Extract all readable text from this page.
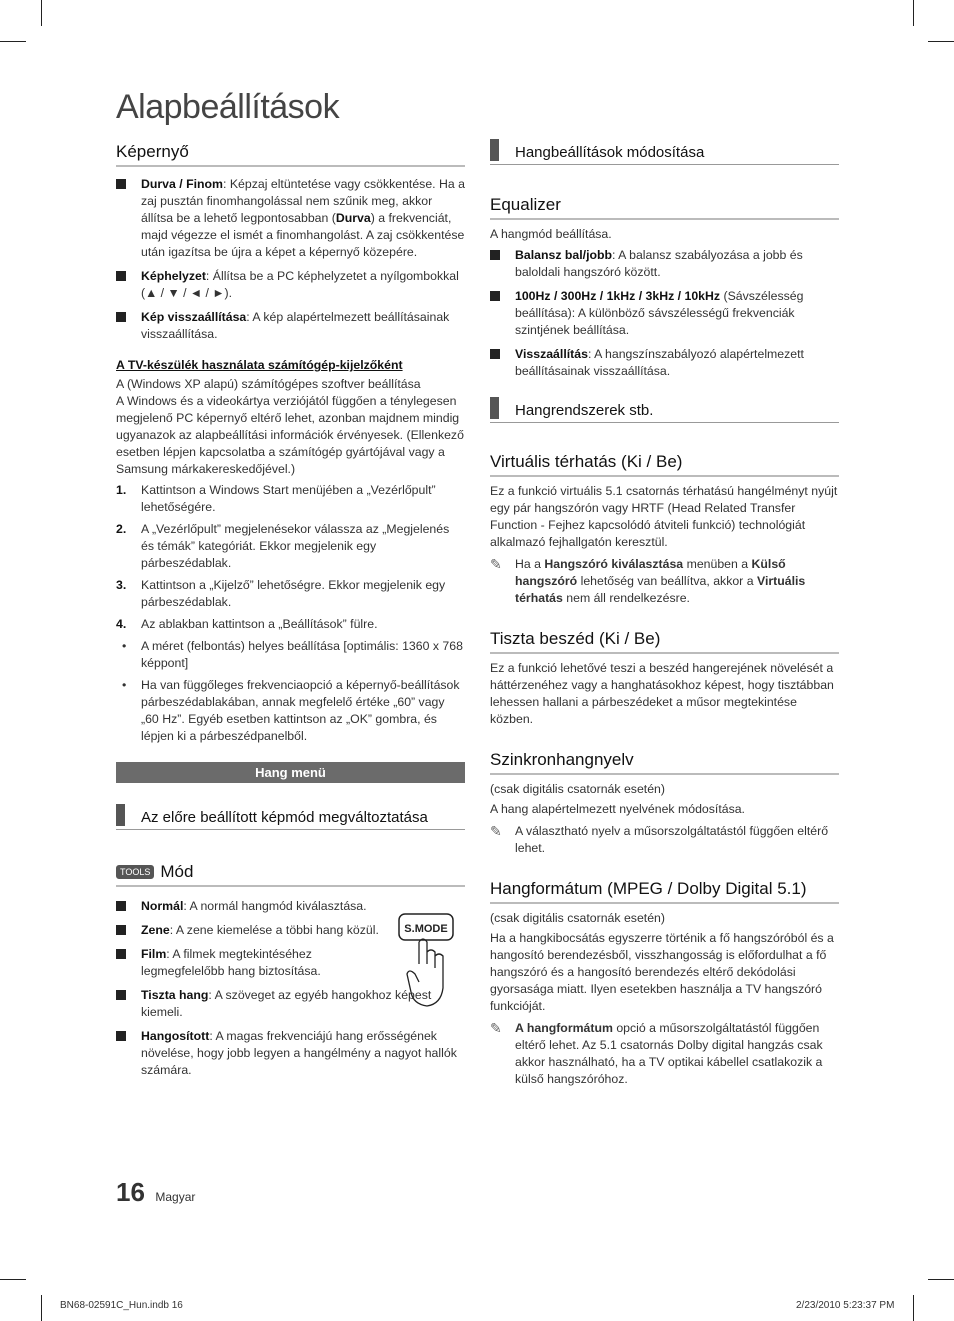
Alapbeállítások
Képernyő
Durva / Finom: Képzaj eltüntetése vagy csökkentése. Ha a zaj pusztán finomhangolással nem szűnik meg, akkor állítsa be a lehető legpontosabban (Durva) a frekvenciát, majd végezze el ismét a finomhangolást. A zaj csökkentése után igazítsa be újra a képet a képernyő közepére.
Képhelyzet: Állítsa be a PC képhelyzetet a nyílgombokkal (▲ / ▼ / ◄ / ►).
Kép visszaállítása: A kép alapértelmezett beállításainak visszaállítása.
A TV-készülék használata számítógép-kijelzőként
A (Windows XP alapú) számítógépes szoftver beállítása
A Windows és a videokártya verziójától függően a ténylegesen megjelenő PC képernyő eltérő lehet, azonban majdnem mindig ugyanazok az alapbeállítási információk érvényesek. (Ellenkező esetben lépjen kapcsolatba a számítógép gyártójával vagy a Samsung márkakereskedőjével.)
1. Kattintson a Windows Start menüjében a „Vezérlőpult” lehetőségére.
2. A „Vezérlőpult” megjelenésekor válassza az „Megjelenés és témák” kategóriát. Ekkor megjelenik egy párbeszédablak.
3. Kattintson a „Kijelző” lehetőségre. Ekkor megjelenik egy párbeszédablak.
4. Az ablakban kattintson a „Beállítások” fülre.
• A méret (felbontás) helyes beállítása [optimális: 1360 x 768 képpont]
• Ha van függőleges frekvenciaopció a képernyő-beállítások párbeszédablakában, annak megfelelő értéke „60” vagy „60 Hz”. Egyéb esetben kattintson az „OK” gombra, és lépjen ki a párbeszédpanelből.
Hang menü
Az előre beállított képmód megváltoztatása
TOOLS Mód
S.MODE
Normál: A normál hangmód kiválasztása.
Zene: A zene kiemelése a többi hang közül.
Film: A filmek megtekintéséhez legmegfelelőbb hang biztosítása.
Tiszta hang: A szöveget az egyéb hangokhoz képest kiemeli.
Hangosított: A magas frekvenciájú hang erősségének növelése, hogy jobb legyen a hangélmény a nagyot hallók számára.
Hangbeállítások módosítása
Equalizer
A hangmód beállítása.
Balansz bal/jobb: A balansz szabályozása a jobb és baloldali hangszóró között.
100Hz / 300Hz / 1kHz / 3kHz / 10kHz (Sávszélesség beállítása): A különböző sávszélességű frekvenciák szintjének beállítása.
Visszaállítás: A hangszínszabályozó alapértelmezett beállításainak visszaállítása.
Hangrendszerek stb.
Virtuális térhatás (Ki / Be)
Ez a funkció virtuális 5.1 csatornás térhatású hangélményt nyújt egy pár hangszórón vagy HRTF (Head Related Transfer Function - Fejhez kapcsolódó átviteli funkció) technológiát alkalmazó fejhallgatón keresztül.
✎ Ha a Hangszóró kiválasztása menüben a Külső hangszóró lehetőség van beállítva, akkor a Virtuális térhatás nem áll rendelkezésre.
Tiszta beszéd (Ki / Be)
Ez a funkció lehetővé teszi a beszéd hangerejének növelését a háttérzenéhez vagy a hanghatásokhoz képest, hogy tisztábban lehessen hallani a párbeszédeket a műsor megtekintése közben.
Szinkronhangnyelv
(csak digitális csatornák esetén)
A hang alapértelmezett nyelvének módosítása.
✎ A választható nyelv a műsorszolgáltatástól függően eltérő lehet.
Hangformátum (MPEG / Dolby Digital 5.1)
(csak digitális csatornák esetén)
Ha a hangkibocsátás egyszerre történik a fő hangszóróból és a hangosító berendezésből, visszhangosság is előfordulhat a fő hangszóró és a hangosító berendezés eltérő dekódolási gyorsasága miatt. Ilyen esetekben használja a TV hangszóró funkcióját.
✎ A hangformátum opció a műsorszolgáltatástól függően eltérő lehet. Az 5.1 csatornás Dolby digital hangzás csak akkor használható, ha a TV optikai kábellel csatlakozik a külső hangszóróhoz.
16 Magyar
BN68-02591C_Hun.indb 16	2/23/2010 5:23:37 PM
